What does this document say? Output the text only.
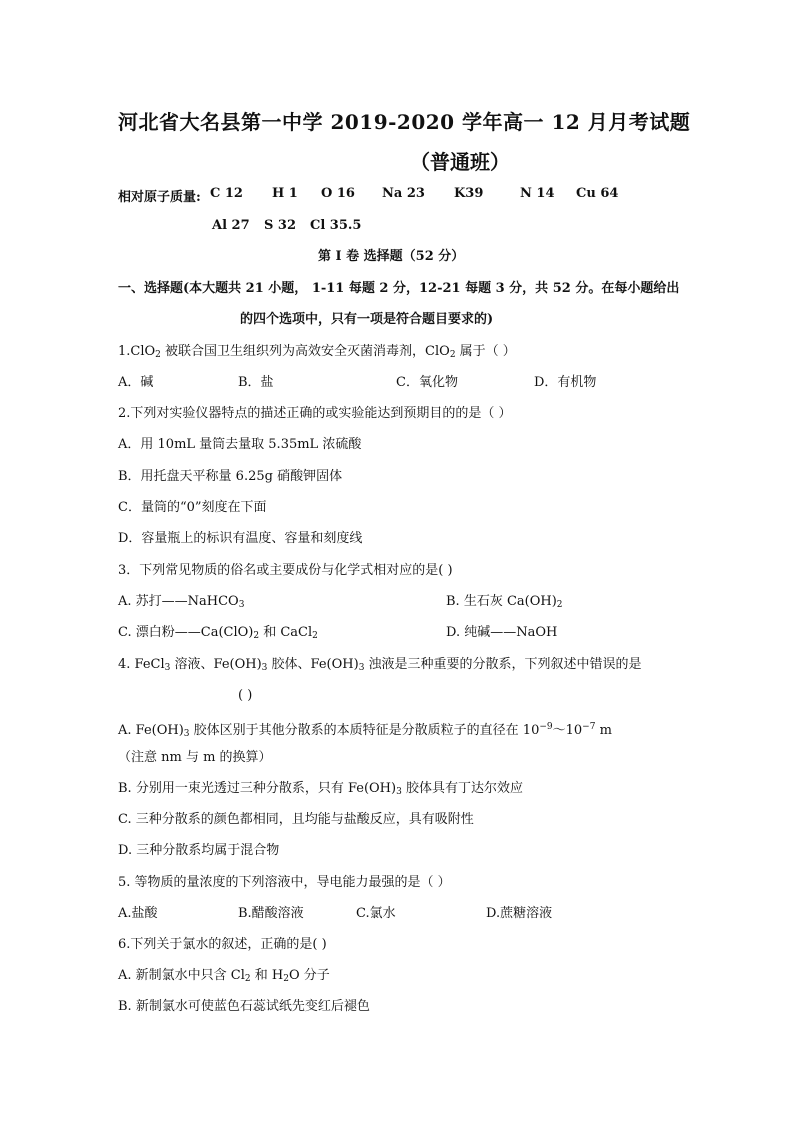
河北省大名县第一中学 2019-2020 学年高一 12 月月考试题
（普通班）
相对原子质量: C 12 H 1 O 16 Na 23 K39	N 14 Cu 64
Al 27 S 32 Cl 35.5
第 I 卷 选择题（52 分）
一、选择题(本大题共 21 小题， 1-11 每题 2 分，12-21 每题 3 分，共 52 分。在每小题给出
的四个选项中，只有一项是符合题目要求的)
1.ClO$_2$ 被联合国卫生组织列为高效安全灭菌消毒剂，ClO$_2$ 属于（ ）
A．碱	B．盐	C．氧化物	D．有机物
2.下列对实验仪器特点的描述正确的或实验能达到预期目的的是（ ）
A．用 10mL 量筒去量取 5.35mL 浓硫酸
B．用托盘天平称量 6.25g 硝酸钾固体
C．量筒的“0”刻度在下面
D．容量瓶上的标识有温度、容量和刻度线
3．下列常见物质的俗名或主要成份与化学式相对应的是( )
A. 苏打——NaHCO$_3$	B. 生石灰 $Ca(OH)_2$
C. 漂白粉$——Ca(ClO)_2$ 和 CaCl$_2$	D. 纯碱——NaOH
4. FeCl$_3$ 溶液、$Fe(OH)_3$ 胶体、$Fe(OH)_3$ 浊液是三种重要的分散系，下列叙述中错误的是
( )
A. $Fe(OH)_3$ 胶体区别于其他分散系的本质特征是分散质粒子的直径在 $10^{-9}\sim 10^{-7}$ m
（注意 nm 与 m 的换算）
B. 分别用一束光透过三种分散系，只有 $Fe(OH)_3$ 胶体具有丁达尔效应
C. 三种分散系的颜色都相同，且均能与盐酸反应，具有吸附性
D. 三种分散系均属于混合物
5. 等物质的量浓度的下列溶液中，导电能力最强的是（ ）
A.盐酸	B.醋酸溶液	C.氯水	D.蔗糖溶液
6.下列关于氯水的叙述，正确的是( )
A. 新制氯水中只含 $Cl_2$ 和 $H_2O$ 分子
B. 新制氯水可使蓝色石蕊试纸先变红后褪色
